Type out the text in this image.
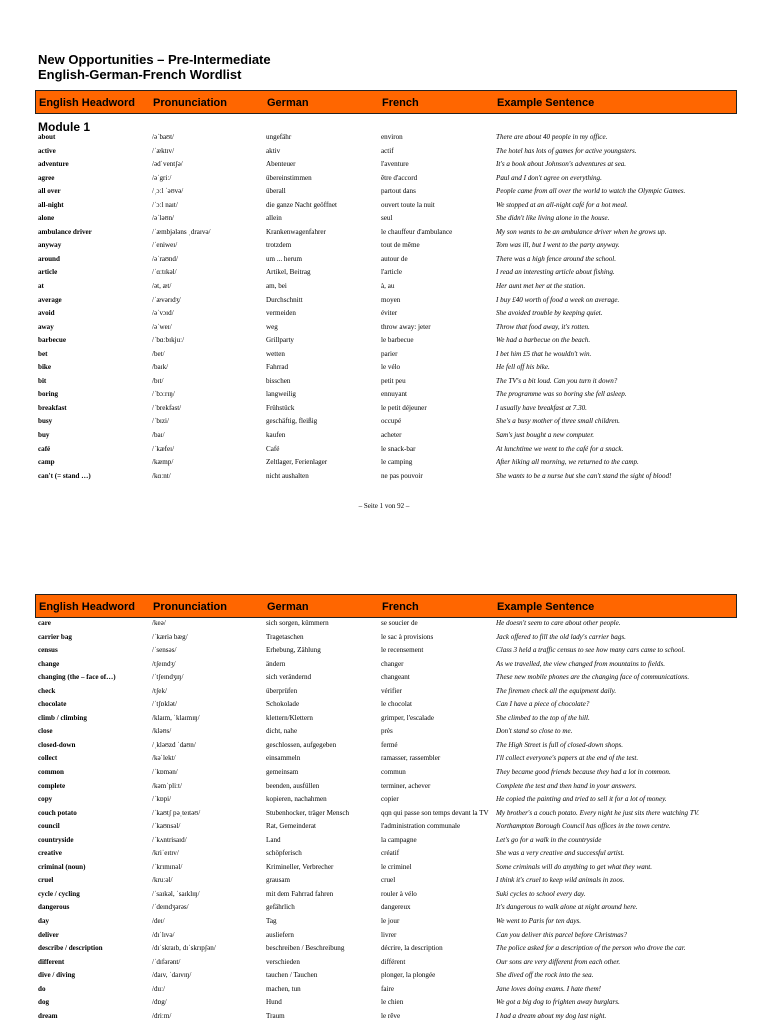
New Opportunities – Pre-Intermediate
English-German-French Wordlist
English Headword Pronunciation	German	French	Example Sentence
Module 1
about	/əˈbaʊt/	ungefähr	environ	There are about 40 people in my office.
active	/ˈæktɪv/	aktiv	actif	The hotel has lots of games for active youngsters.
adventure	/ədˈventʃə/	Abenteuer	l'aventure	It's a book about Johnson's adventures at sea.
agree	/əˈgriː/	übereinstimmen	être d'accord	Paul and I don't agree on everything.
all over	/ˌɔːl ˈəʊvə/	überall	partout dans	People came from all over the world to watch the Olympic Games.
all-night	/ˈɔːl naɪt/	die ganze Nacht geöffnet	ouvert toute la nuit	We stopped at an all-night café for a hot meal.
alone	/əˈləʊn/	allein	seul	She didn't like living alone in the house.
ambulance driver	/ˈæmbjələns ˌdraɪvə/	Krankenwagenfahrer	le chauffeur d'ambulance	My son wants to be an ambulance driver when he grows up.
anyway	/ˈeniweɪ/	trotzdem	tout de même	Tom was ill, but I went to the party anyway.
around	/əˈraʊnd/	um ... herum	autour de	There was a high fence around the school.
article	/ˈɑːtɪkəl/	Artikel, Beitrag	l'article	I read an interesting article about fishing.
at	/ət, æt/	am, bei	à, au	Her aunt met her at the station.
average	/ˈævərɪdʒ/	Durchschnitt	moyen	I buy £40 worth of food a week on average.
avoid	/əˈvɔɪd/	vermeiden	éviter	She avoided trouble by keeping quiet.
away	/əˈweɪ/	weg	throw away: jeter	Throw that food away, it's rotten.
barbecue	/ˈbɑːbɪkjuː/	Grillparty	le barbecue	We had a barbecue on the beach.
bet	/bet/	wetten	parier	I bet him £5 that he wouldn't win.
bike	/baɪk/	Fahrrad	le vélo	He fell off his bike.
bit	/bɪt/	bisschen	petit peu	The TV's a bit loud. Can you turn it down?
boring	/ˈbɔːrɪŋ/	langweilig	ennuyant	The programme was so boring she fell asleep.
breakfast	/ˈbrekfəst/	Frühstück	le petit déjeuner	I usually have breakfast at 7.30.
busy	/ˈbɪzi/	geschäftig, fleißig	occupé	She's a busy mother of three small children.
buy	/baɪ/	kaufen	acheter	Sam's just bought a new computer.
café	/ˈkæfeɪ/	Café	le snack-bar	At lunchtime we went to the café for a snack.
camp	/kæmp/	Zeltlager, Ferienlager	le camping	After hiking all morning, we returned to the camp.
can't (= stand …)	/kɑːnt/	nicht aushalten	ne pas pouvoir	She wants to be a nurse but she can't stand the sight of blood!
– Seite 1 von 92 –
English Headword Pronunciation	German	French	Example Sentence
care	/keə/	sich sorgen, kümmern	se soucier de	He doesn't seem to care about other people.
carrier bag	/ˈkæriə bæg/	Tragetaschen	le sac à provisions	Jack offered to fill the old lady's carrier bags.
census	/ˈsensəs/	Erhebung, Zählung	le recensement	Class 3 held a traffic census to see how many cars came to school.
change	/tʃeɪndʒ/	ändern	changer	As we travelled, the view changed from mountains to fields.
changing (the – face of…)	/ˈtʃeɪndʒɪŋ/	sich verändernd	changeant	These new mobile phones are the changing face of communications.
check	/tʃek/	überprüfen	vérifier	The firemen check all the equipment daily.
chocolate	/ˈtʃɒklət/	Schokolade	le chocolat	Can I have a piece of chocolate?
climb / climbing	/klaɪm, ˈklaɪmɪŋ/	klettern/Klettern	grimper, l'escalade	She climbed to the top of the hill.
close	/kləʊs/	dicht, nahe	près	Don't stand so close to me.
closed-down	/ˌkləʊzd ˈdaʊn/	geschlossen, aufgegeben	fermé	The High Street is full of closed-down shops.
collect	/kəˈlekt/	einsammeln	ramasser, rassembler	I'll collect everyone's papers at the end of the test.
common	/ˈkɒmən/	gemeinsam	commun	They became good friends because they had a lot in common.
complete	/kəmˈpliːt/	beenden, ausfüllen	terminer, achever	Complete the test and then hand in your answers.
copy	/ˈkɒpi/	kopieren, nachahmen	copier	He copied the painting and tried to sell it for a lot of money.
couch potato	/ˈkaʊtʃ pəˌteɪtəʊ/	Stubenhocker, träger Mensch	qqn qui passe son temps devant la TV	My brother's a couch potato. Every night he just sits there watching TV.
council	/ˈkaʊnsəl/	Rat, Gemeinderat	l'administration communale	Northampton Borough Council has offices in the town centre.
countryside	/ˈkʌntrisaɪd/	Land	la campagne	Let's go for a walk in the countryside
creative	/kriˈeɪtɪv/	schöpferisch	créatif	She was a very creative and successful artist.
criminal (noun)	/ˈkrɪmɪnəl/	Krimineller, Verbrecher	le criminel	Some criminals will do anything to get what they want.
cruel	/kruːəl/	grausam	cruel	I think it's cruel to keep wild animals in zoos.
cycle / cycling	/ˈsaɪkəl, ˈsaɪklɪŋ/	mit dem Fahrrad fahren	rouler à vélo	Suki cycles to school every day.
dangerous	/ˈdeɪndʒərəs/	gefährlich	dangereux	It's dangerous to walk alone at night around here.
day	/deɪ/	Tag	le jour	We went to Paris for ten days.
deliver	/dɪˈlɪvə/	ausliefern	livrer	Can you deliver this parcel before Christmas?
describe / description	/dɪˈskraɪb, dɪˈskrɪpʃən/	beschreiben / Beschreibung	décrire, la description	The police asked for a description of the person who drove the car.
different	/ˈdɪfərənt/	verschieden	différent	Our sons are very different from each other.
dive / diving	/daɪv, ˈdaɪvɪŋ/	tauchen / Tauchen	plonger, la plongée	She dived off the rock into the sea.
do	/duː/	machen, tun	faire	Jane loves doing exams. I hate them!
dog	/dɒg/	Hund	le chien	We got a big dog to frighten away burglars.
dream	/driːm/	Traum	le rêve	I had a dream about my dog last night.
